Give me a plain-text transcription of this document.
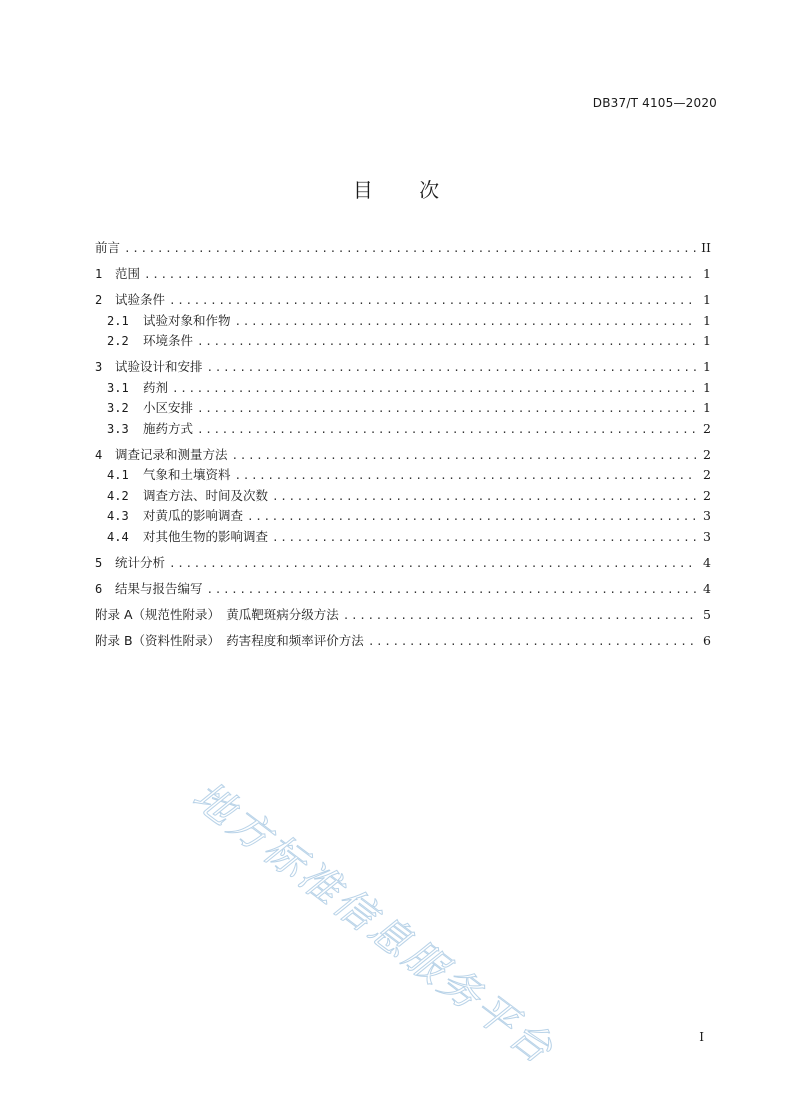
DB37/T 4105—2020
目 次
前言 .....	II
1	范围 .....	1
2	试验条件 .....	1
2.1	试验对象和作物 .....	1
2.2	环境条件 .....	1
3	试验设计和安排 .....	1
3.1	药剂 .....	1
3.2	小区安排 .....	1
3.3	施药方式 .....	2
4	调查记录和测量方法 .....	2
4.1	气象和土壤资料 .....	2
4.2	调查方法、时间及次数 .....	2
4.3	对黄瓜的影响调查 .....	3
4.4	对其他生物的影响调查 .....	3
5	统计分析 .....	4
6	结果与报告编写 .....	4
附录 A（规范性附录）　黄瓜靶斑病分级方法 .....	5
附录 B（资料性附录）　药害程度和频率评价方法 .....	6
I
地方标准信息服务平台
